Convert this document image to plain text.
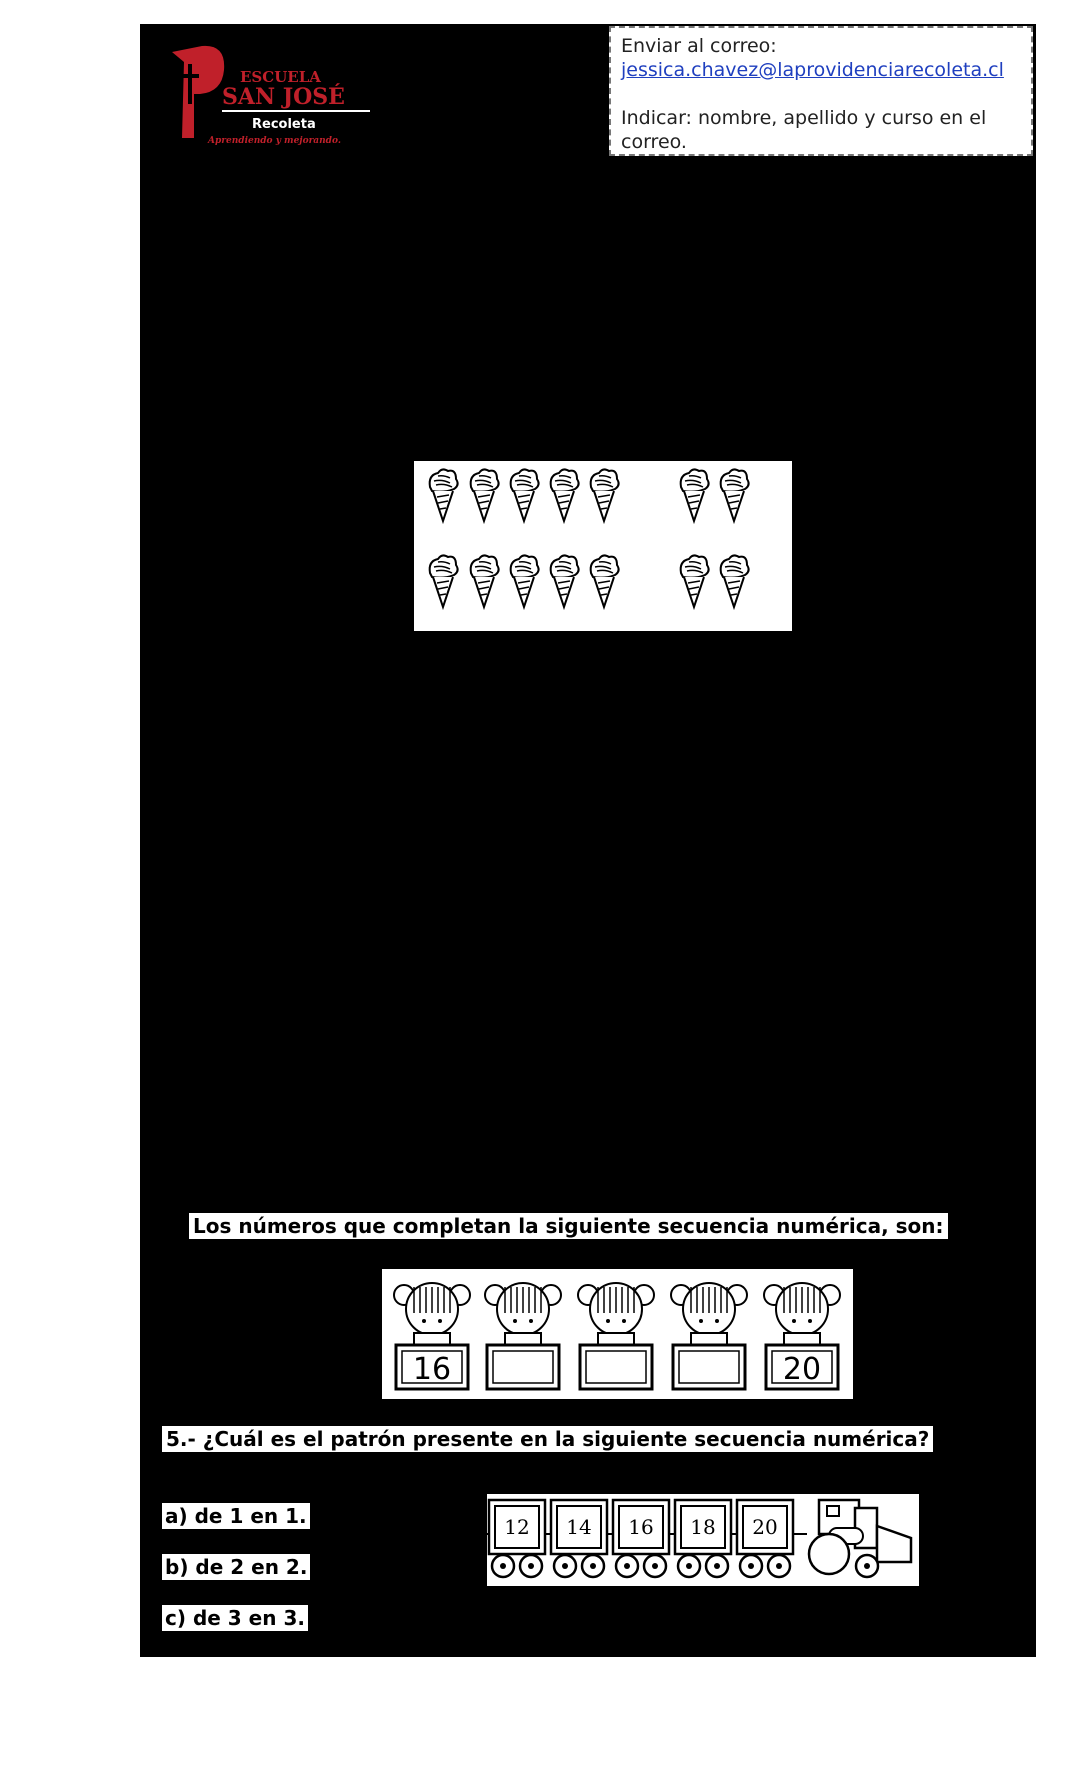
ESCUELA
SAN JOSÉ
Recoleta
Aprendiendo y mejorando.
Enviar al correo:
jessica.chavez@laprovidenciarecoleta.cl
Indicar: nombre, apellido y curso en el correo.
Los números que completan la siguiente secuencia numérica, son:
16	20
5.- ¿Cuál es el patrón presente en la siguiente secuencia numérica?
a) de 1 en 1.
b) de 2 en 2.
c) de 3 en 3.
12 14 16 18 20
